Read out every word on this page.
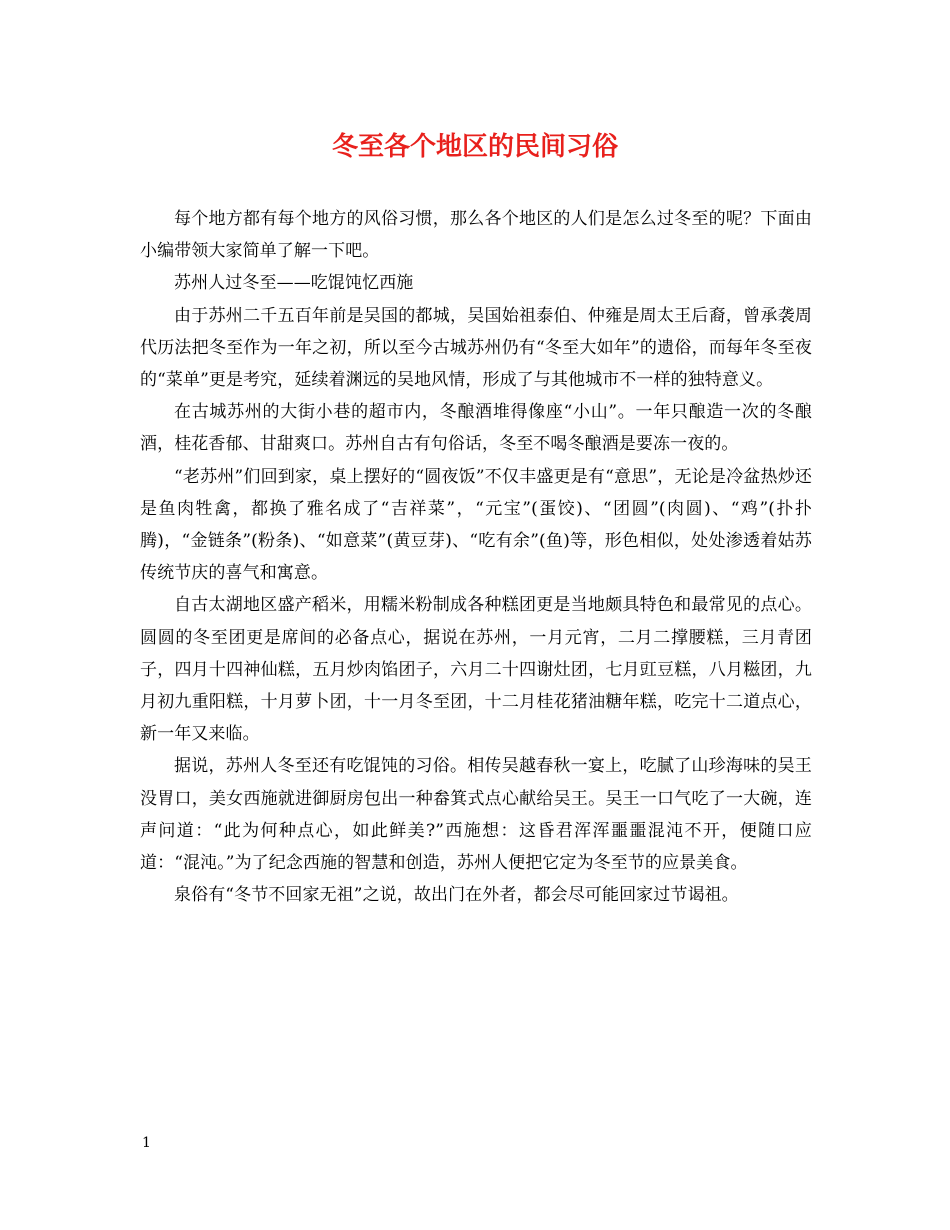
冬至各个地区的民间习俗

每个地方都有每个地方的风俗习惯，那么各个地区的人们是怎么过冬至的呢？下面由小编带领大家简单了解一下吧。

苏州人过冬至——吃馄饨忆西施

由于苏州二千五百年前是吴国的都城，吴国始祖泰伯、仲雍是周太王后裔，曾承袭周代历法把冬至作为一年之初，所以至今古城苏州仍有“冬至大如年”的遗俗，而每年冬至夜的“菜单”更是考究，延续着渊远的吴地风情，形成了与其他城市不一样的独特意义。

在古城苏州的大街小巷的超市内，冬酿酒堆得像座“小山”。一年只酿造一次的冬酿酒，桂花香郁、甘甜爽口。苏州自古有句俗话，冬至不喝冬酿酒是要冻一夜的。

“老苏州”们回到家，桌上摆好的“圆夜饭”不仅丰盛更是有“意思”，无论是冷盆热炒还是鱼肉牲禽，都换了雅名成了“吉祥菜”，“元宝”(蛋饺)、“团圆”(肉圆)、“鸡”(扑扑腾)，“金链条”(粉条)、“如意菜”(黄豆芽)、“吃有余”(鱼)等，形色相似，处处渗透着姑苏传统节庆的喜气和寓意。

自古太湖地区盛产稻米，用糯米粉制成各种糕团更是当地颇具特色和最常见的点心。圆圆的冬至团更是席间的必备点心，据说在苏州，一月元宵，二月二撑腰糕，三月青团子，四月十四神仙糕，五月炒肉馅团子，六月二十四谢灶团，七月豇豆糕，八月糍团，九月初九重阳糕，十月萝卜团，十一月冬至团，十二月桂花猪油糖年糕，吃完十二道点心，新一年又来临。

据说，苏州人冬至还有吃馄饨的习俗。相传吴越春秋一宴上，吃腻了山珍海味的吴王没胃口，美女西施就进御厨房包出一种畚箕式点心献给吴王。吴王一口气吃了一大碗，连声问道：“此为何种点心，如此鲜美?”西施想：这昏君浑浑噩噩混沌不开，便随口应道：“混沌。”为了纪念西施的智慧和创造，苏州人便把它定为冬至节的应景美食。

泉俗有“冬节不回家无祖”之说，故出门在外者，都会尽可能回家过节谒祖。

1
